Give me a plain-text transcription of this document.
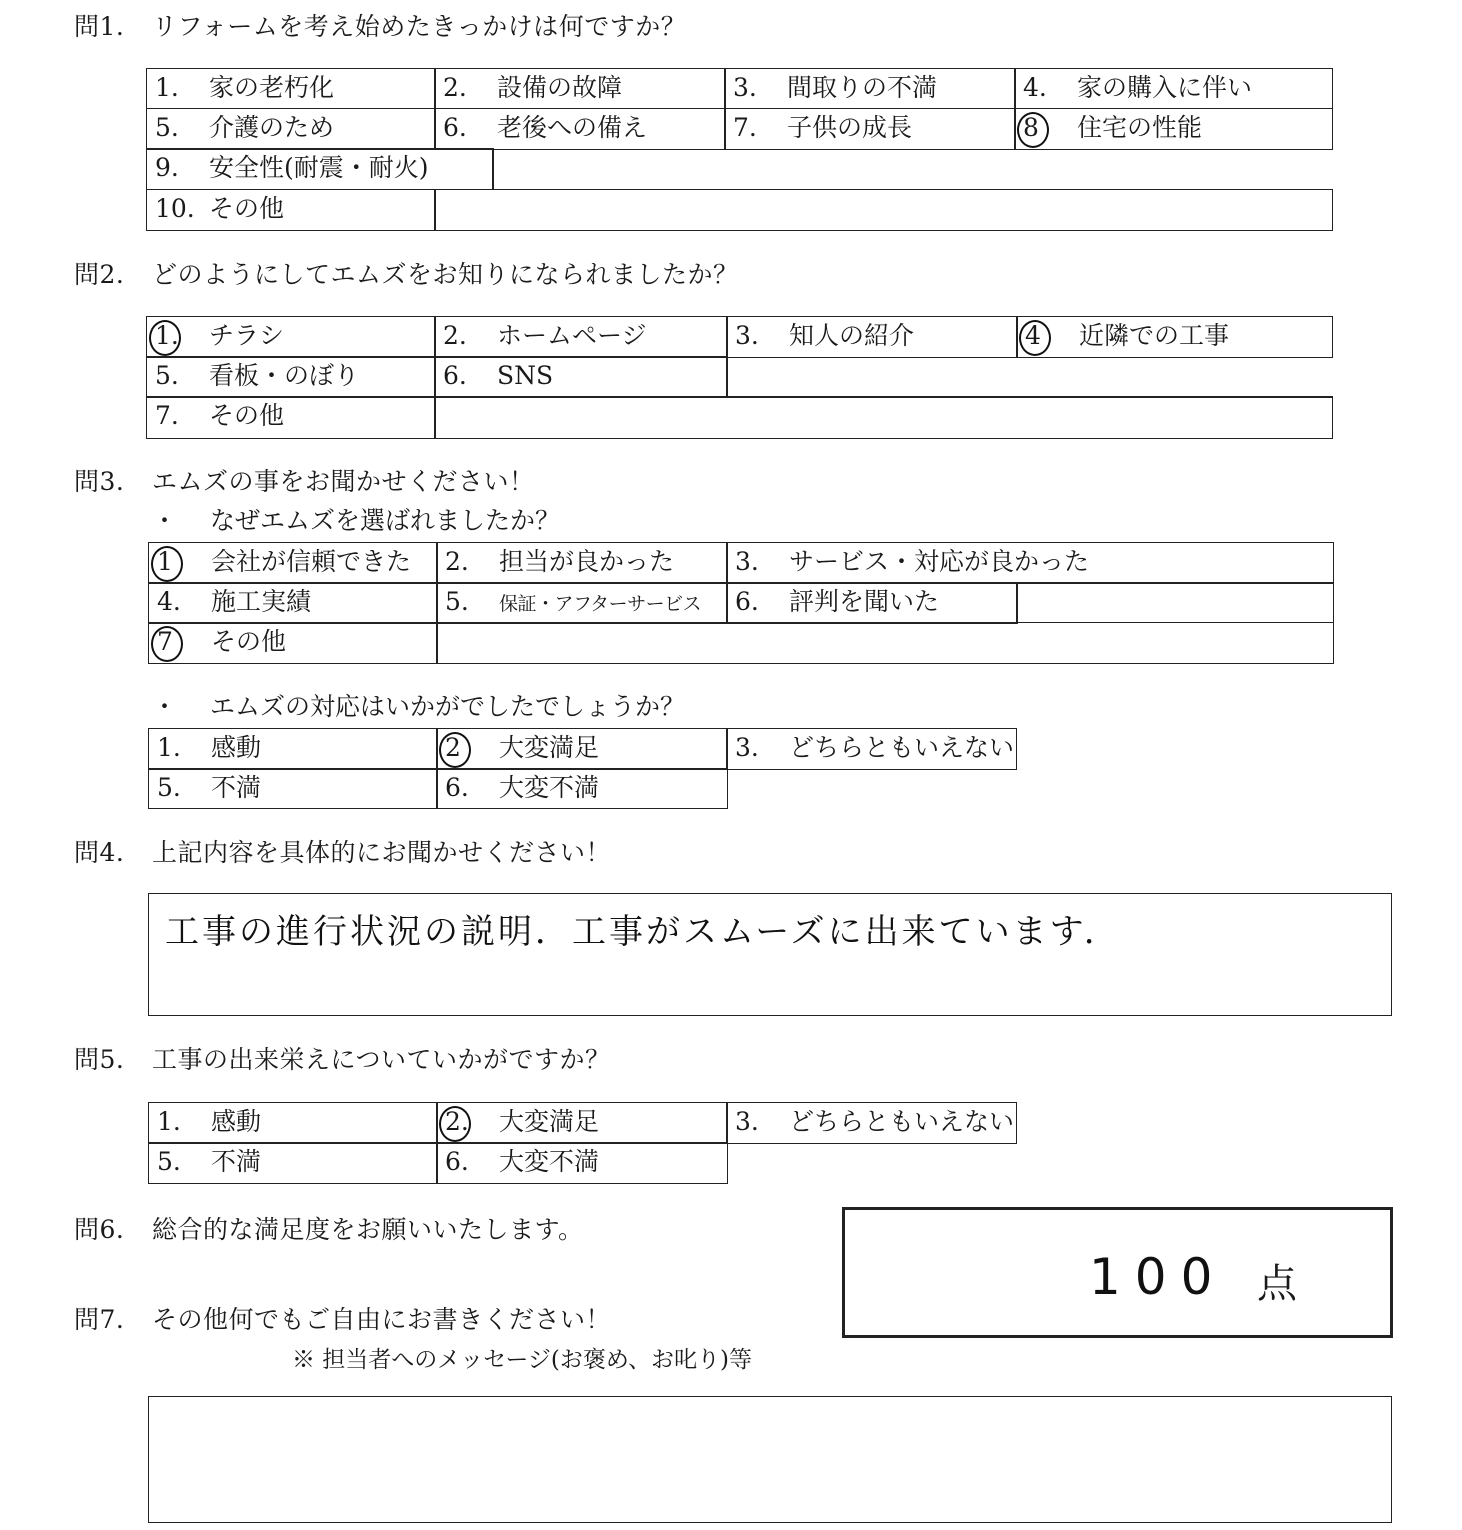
問1. リフォームを考え始めたきっかけは何ですか？
1. 家の老朽化	2. 設備の故障	3. 間取りの不満	4. 家の購入に伴い
5. 介護のため	6. 老後への備え	7. 子供の成長	8 住宅の性能
9. 安全性(耐震・耐火)
10. その他
問2. どのようにしてエムズをお知りになられましたか？
1. チラシ	2. ホームページ	3. 知人の紹介	4 近隣での工事
5. 看板・のぼり	6. SNS
7. その他
問3. エムズの事をお聞かせください！
・ なぜエムズを選ばれましたか？
1 会社が信頼できた	2. 担当が良かった	3. サービス・対応が良かった
4. 施工実績	5. 保証・アフターサービス	6. 評判を聞いた
7 その他
・ エムズの対応はいかがでしたでしょうか？
1. 感動	2 大変満足	3. どちらともいえない
5. 不満	6. 大変不満
問4. 上記内容を具体的にお聞かせください！
工事の進行状況の説明．工事がスムーズに出来ています．
問5. 工事の出来栄えについていかがですか？
1. 感動	2. 大変満足	3. どちらともいえない
5. 不満	6. 大変不満
問6. 総合的な満足度をお願いいたします。
100 点
問7. その他何でもご自由にお書きください！
※ 担当者へのメッセージ(お褒め、お叱り)等
